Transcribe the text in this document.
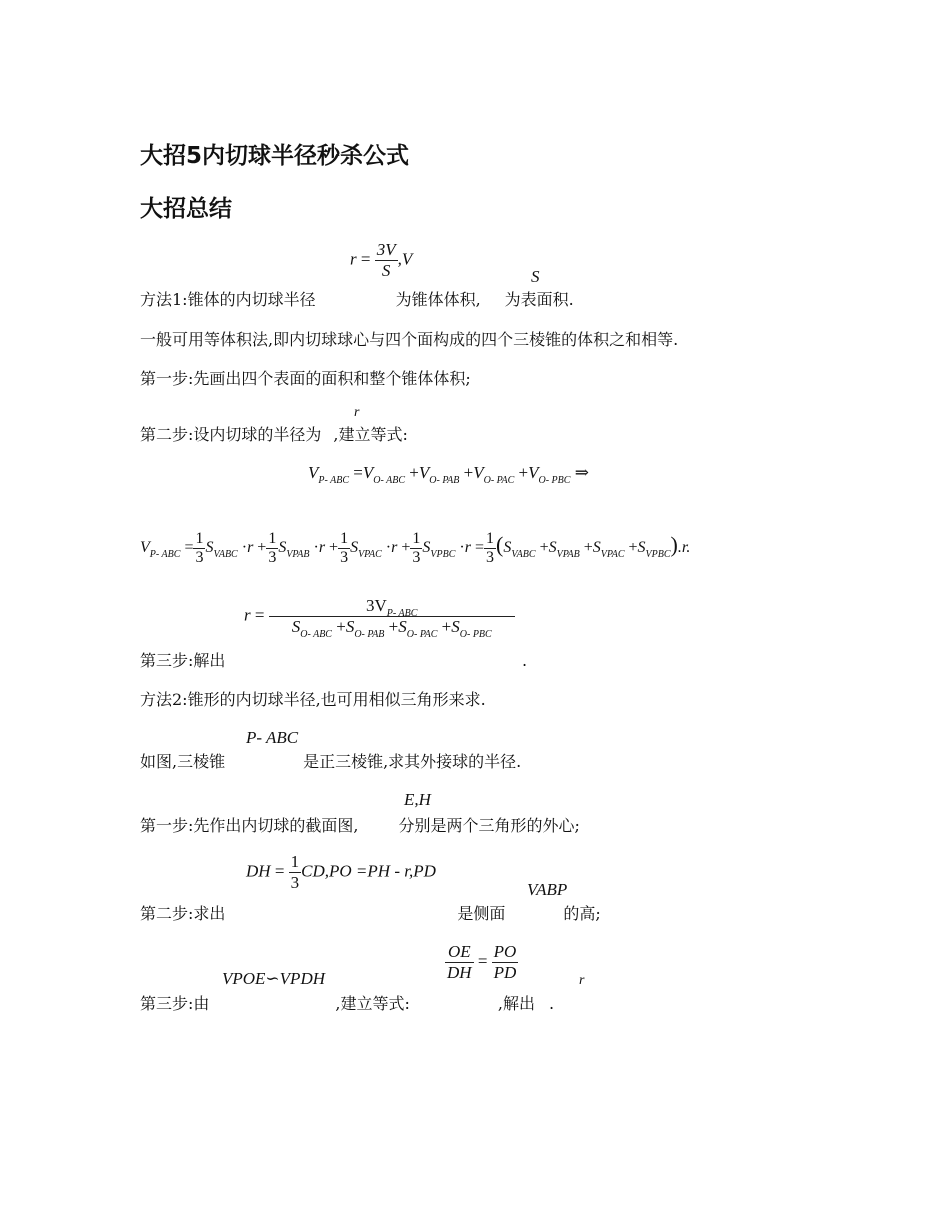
大招5内切球半径秒杀公式
大招总结
$r = \frac{3V}{S} ,V$
S
方法1:锥体的内切球半径	为锥体体积, 为表面积.
一般可用等体积法,即内切球球心与四个面构成的四个三棱锥的体积之和相等.
第一步:先画出四个表面的面积和整个锥体体积;
r
第二步:设内切球的半径为 ,建立等式:
$V_{P- ABC} =V_{O- ABC} +V_{O- PAB} +V_{O- PAC} +V_{O- PBC}$ ⇒
$V_{P- ABC} = \frac{1}{3} S_{VABC} \cdot r + \frac{1}{3} S_{VPAB} \cdot r + \frac{1}{3} S_{VPAC} \cdot r + \frac{1}{3} S_{VPBC} \cdot r = \frac{1}{3} (S_{VABC} +S_{VPAB} +S_{VPAC} +S_{VPBC}).r$.
$r = \frac{3V_{P- ABC}}{S_{O- ABC} +S_{O- PAB} +S_{O- PAC} +S_{O- PBC}}$
第三步:解出	.
方法2:锥形的内切球半径,也可用相似三角形来求.
P- ABC
如图,三棱锥	是正三棱锥,求其外接球的半径.
E,H
第一步:先作出内切球的截面图,	分别是两个三角形的外心;
DH = $\frac{1}{3} CD,PO =PH - r,PD$
VABP
第二步:求出	是侧面	的高;
VPOE∽VPDH	$\frac{OE}{DH} = \frac{PO}{PD}$	r
第三步:由	,建立等式:	,解出 .
